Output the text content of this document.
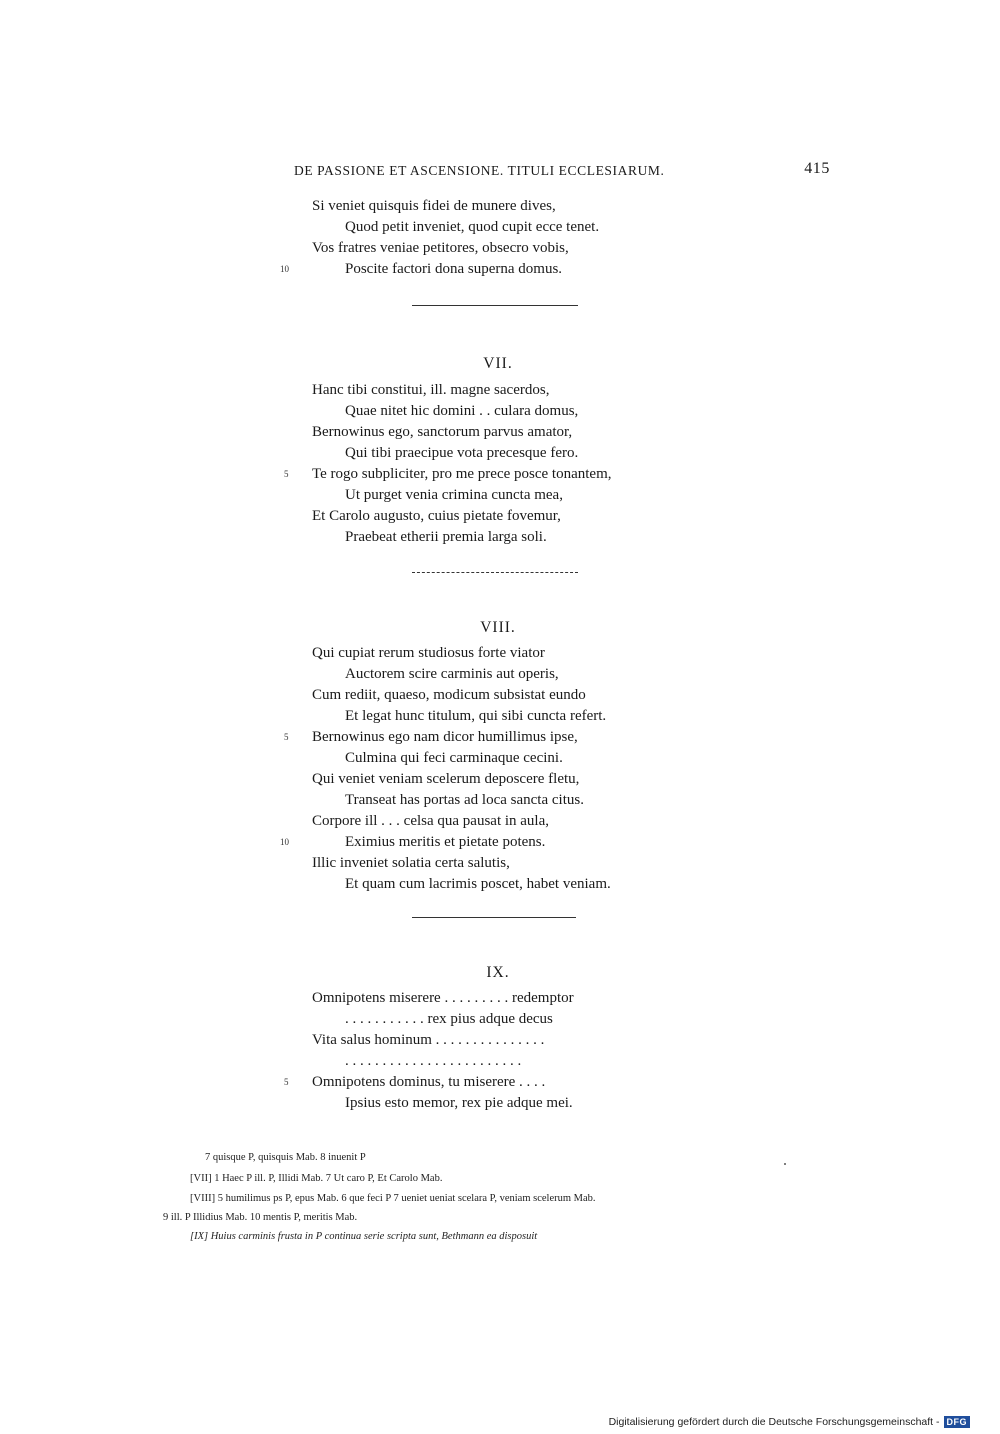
DE PASSIONE ET ASCENSIONE. TITULI ECCLESIARUM.	415
Si veniet quisquis fidei de munere dives,
Quod petit inveniet, quod cupit ecce tenet.
Vos fratres veniae petitores, obsecro vobis,
10	Poscite factori dona superna domus.
VII.
Hanc tibi constitui, ill. magne sacerdos,
Quae nitet hic domini . . cularа domus,
Bernowinus ego, sanctorum parvus amator,
Qui tibi praecipue vota precesque fero.
5 Te rogo subpliciter, pro me prece posce tonantem,
Ut purget venia crimina cuncta mea,
Et Carolo augusto, cuius pietate fovemur,
Praebeat etherii premia larga soli.
VIII.
Qui cupiat rerum studiosus forte viator
Auctorem scire carminis aut operis,
Cum rediit, quaeso, modicum subsistat eundo
Et legat hunc titulum, qui sibi cuncta refert.
5 Bernowinus ego nam dicor humillimus ipse,
Culmina qui feci carminaque cecini.
Qui veniet veniam scelerum deposcere fletu,
Transeat has portas ad loca sancta citus.
Corpore ill . . . celsa qua pausat in aula,
10	Eximius meritis et pietate potens.
Illic inveniet solatia certa salutis,
Et quam cum lacrimis poscet, habet veniam.
IX.
Omnipotens miserere . . . . . . . . . redemptor
. . . . . . . . . . . rex pius adque decus
Vita salus hominum . . . . . . . . . . . . . . .
. . . . . . . . . . . . . . . . . . . . . . . .
5 Omnipotens dominus, tu miserere . . . .
Ipsius esto memor, rex pie adque mei.
7 quisque P, quisquis Mab. 8 inuenit P
[VII] 1 Haec P ill. P, Illidi Mab. 7 Ut caro P, Et Carolo Mab.
[VIII] 5 humilimus ps P, epus Mab. 6 que feci P 7 ueniet ueniat scelara P, veniam scelerum Mab.
9 ill. P Illidius Mab. 10 mentis P, meritis Mab.
[IX] Huius carminis frusta in P continua serie scripta sunt, Bethmann ea disposuit
Digitalisierung gefördert durch die Deutsche Forschungsgemeinschaft - DFG
